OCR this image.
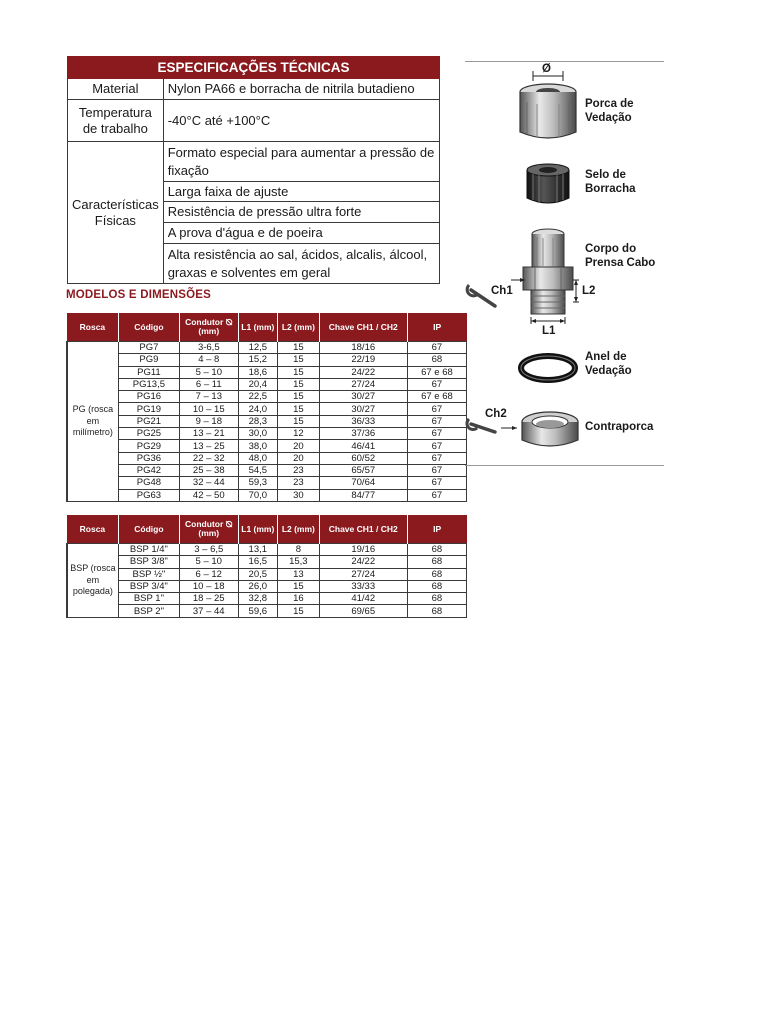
ESPECIFICAÇÕES TÉCNICAS	
Material	Nylon PA66 e borracha de nitrila butadieno
Temperatura de trabalho	-40°C até +100°C
Características Físicas	Formato especial para aumentar a pressão de fixação
	Larga faixa de ajuste
	Resistência de pressão ultra forte
	A prova d'água e de poeira
	Alta resistência ao sal, ácidos, alcalis, álcool, graxas e solventes em geral
MODELOS E DIMENSÕES
Rosca	Código	Condutor ⦰ (mm)	L1 (mm)	L2 (mm)	Chave CH1 / CH2	IP
PG (rosca em milímetro)	PG7	3-6,5	12,5	15	18/16	67
	PG9	4 – 8	15,2	15	22/19	68
	PG11	5 – 10	18,6	15	24/22	67 e 68
	PG13,5	6 – 11	20,4	15	27/24	67
	PG16	7 – 13	22,5	15	30/27	67 e 68
	PG19	10 – 15	24,0	15	30/27	67
	PG21	9 – 18	28,3	15	36/33	67
	PG25	13 – 21	30,0	12	37/36	67
	PG29	13 – 25	38,0	20	46/41	67
	PG36	22 – 32	48,0	20	60/52	67
	PG42	25 – 38	54,5	23	65/57	67
	PG48	32 – 44	59,3	23	70/64	67
	PG63	42 – 50	70,0	30	84/77	67
Rosca	Código	Condutor ⦰ (mm)	L1 (mm)	L2 (mm)	Chave CH1 / CH2	IP
BSP (rosca em polegada)	BSP 1/4"	3 – 6,5	13,1	8	19/16	68
	BSP 3/8"	5 – 10	16,5	15,3	24/22	68
	BSP ½"	6 – 12	20,5	13	27/24	68
	BSP 3/4"	10 – 18	26,0	15	33/33	68
	BSP 1"	18 – 25	32,8	16	41/42	68
	BSP 2"	37 – 44	59,6	15	69/65	68
Ø
Porca de Vedação
Selo de Borracha
Corpo do Prensa Cabo
Anel de Vedação
Contraporca
Ch1	L2
L1
Ch2
